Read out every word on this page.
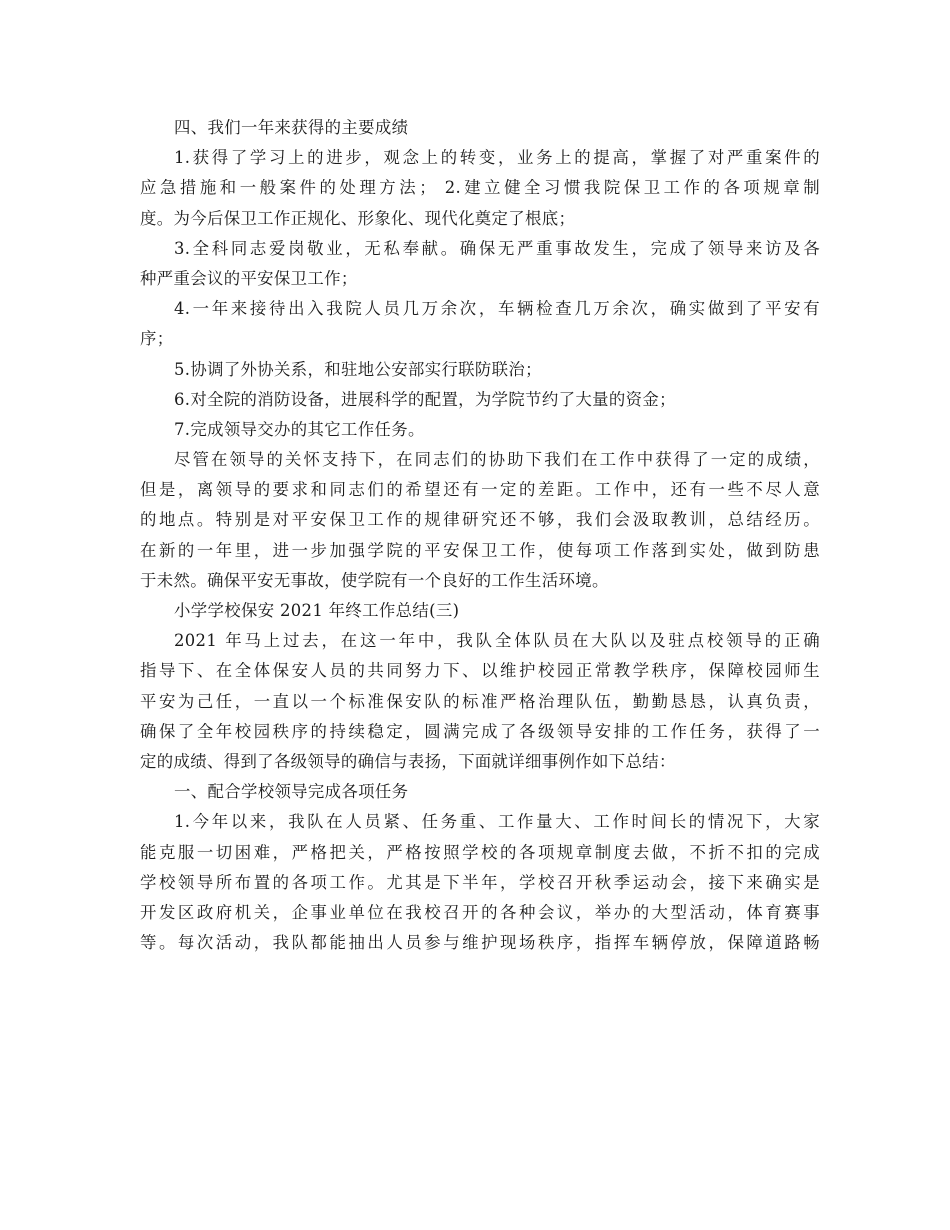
四、我们一年来获得的主要成绩
1.获得了学习上的进步，观念上的转变，业务上的提高，掌握了对严重案件的
应急措施和一般案件的处理方法； 2.建立健全习惯我院保卫工作的各项规章制
度。为今后保卫工作正规化、形象化、现代化奠定了根底；
3.全科同志爱岗敬业，无私奉献。确保无严重事故发生，完成了领导来访及各
种严重会议的平安保卫工作；
4.一年来接待出入我院人员几万余次，车辆检查几万余次，确实做到了平安有
序；
5.协调了外协关系，和驻地公安部实行联防联治；
6.对全院的消防设备，进展科学的配置，为学院节约了大量的资金；
7.完成领导交办的其它工作任务。
尽管在领导的关怀支持下，在同志们的协助下我们在工作中获得了一定的成绩，
但是，离领导的要求和同志们的希望还有一定的差距。工作中，还有一些不尽人意
的地点。特别是对平安保卫工作的规律研究还不够，我们会汲取教训，总结经历。
在新的一年里，进一步加强学院的平安保卫工作，使每项工作落到实处，做到防患
于未然。确保平安无事故，使学院有一个良好的工作生活环境。
小学学校保安 2021 年终工作总结(三)
2021 年马上过去，在这一年中，我队全体队员在大队以及驻点校领导的正确
指导下、在全体保安人员的共同努力下、以维护校园正常教学秩序，保障校园师生
平安为己任，一直以一个标准保安队的标准严格治理队伍，勤勤恳恳，认真负责，
确保了全年校园秩序的持续稳定，圆满完成了各级领导安排的工作任务，获得了一
定的成绩、得到了各级领导的确信与表扬，下面就详细事例作如下总结：
一、配合学校领导完成各项任务
1.今年以来，我队在人员紧、任务重、工作量大、工作时间长的情况下，大家
能克服一切困难，严格把关，严格按照学校的各项规章制度去做，不折不扣的完成
学校领导所布置的各项工作。尤其是下半年，学校召开秋季运动会，接下来确实是
开发区政府机关，企事业单位在我校召开的各种会议，举办的大型活动，体育赛事
等。每次活动，我队都能抽出人员参与维护现场秩序，指挥车辆停放，保障道路畅
